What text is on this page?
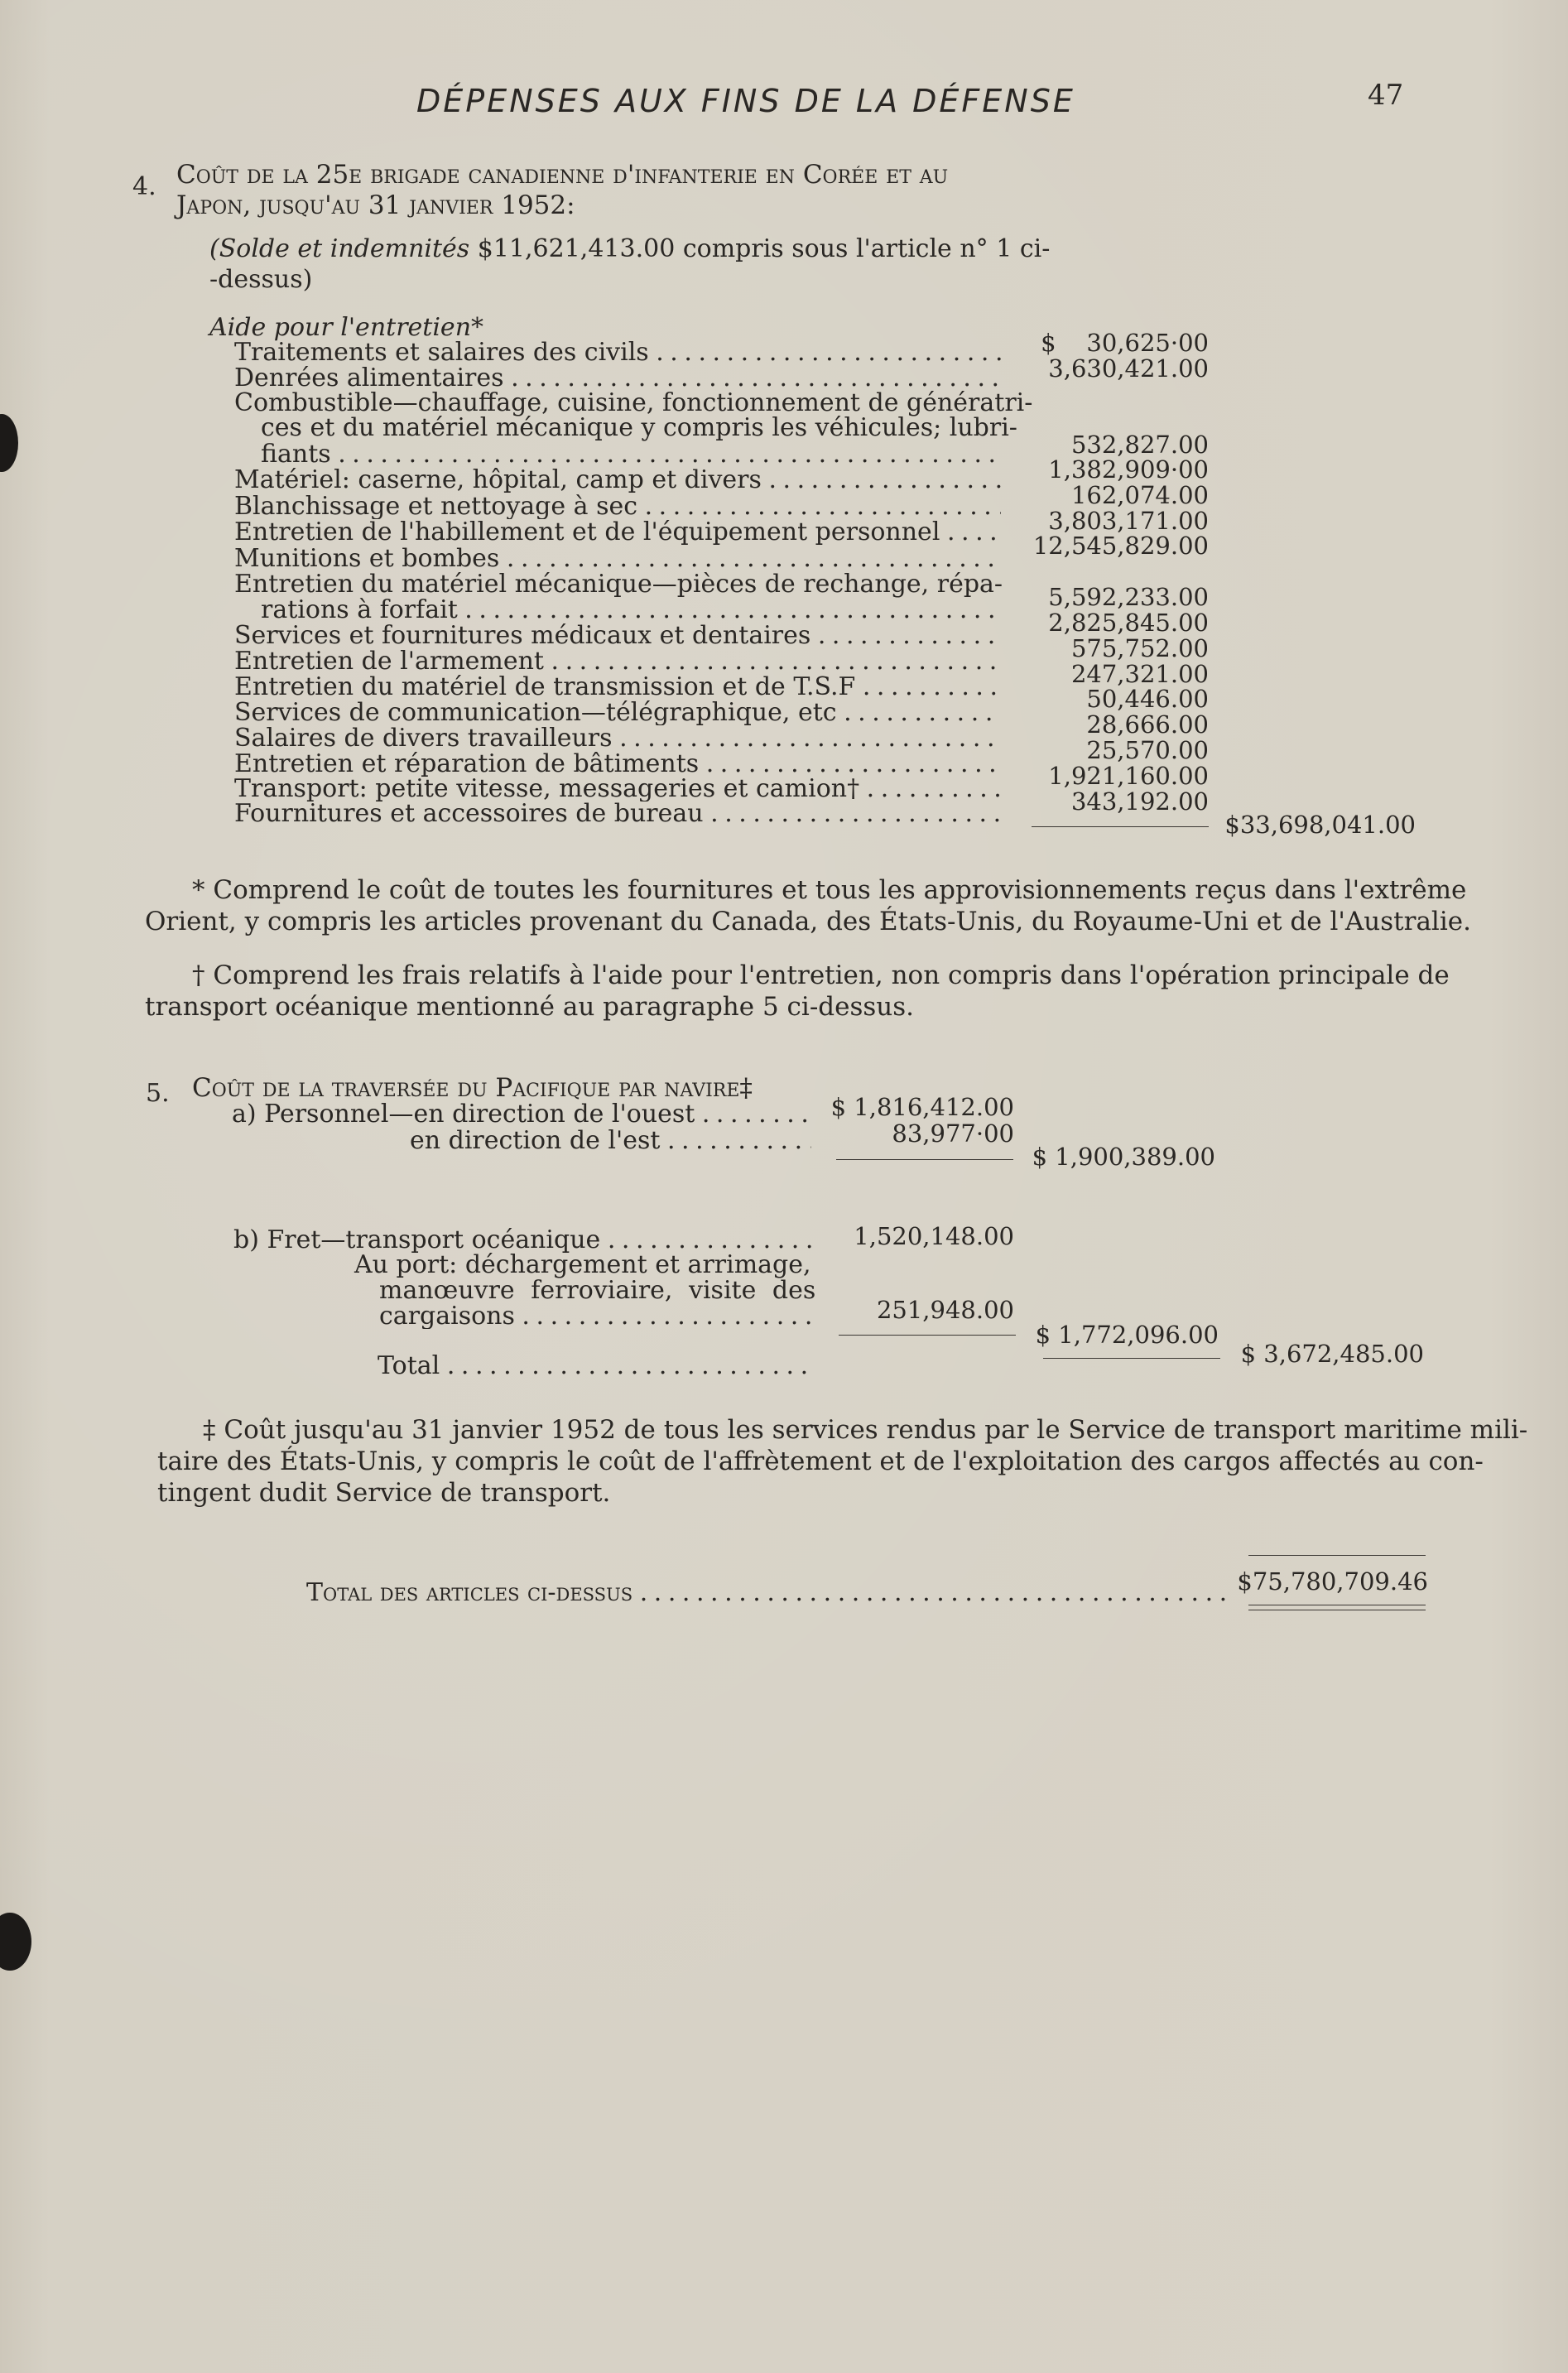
DÉPENSES AUX FINS DE LA DÉFENSE	47
4. Coût de la 25e brigade canadienne d'infanterie en Corée et au
Japon, jusqu'au 31 janvier 1952:
(Solde et indemnités $11,621,413.00 compris sous l'article n° 1 ci-
-dessus)
Aide pour l'entretien*
Traitements et salaires des civils . . .	$    30,625·00
Denrées alimentaires . . .	3,630,421.00
Combustible—chauffage, cuisine, fonctionnement de génératri-
ces et du matériel mécanique y compris les véhicules; lubri-
fiants . . .	532,827.00
Matériel: caserne, hôpital, camp et divers . . .	1,382,909·00
Blanchissage et nettoyage à sec . . .	162,074.00
Entretien de l'habillement et de l'équipement personnel . . .	3,803,171.00
Munitions et bombes . . .	12,545,829.00
Entretien du matériel mécanique—pièces de rechange, répa-
rations à forfait . . .	5,592,233.00
Services et fournitures médicaux et dentaires . . .	2,825,845.00
Entretien de l'armement . . .	575,752.00
Entretien du matériel de transmission et de T.S.F . . .	247,321.00
Services de communication—télégraphique, etc . . .	50,446.00
Salaires de divers travailleurs . . .	28,666.00
Entretien et réparation de bâtiments . . .	25,570.00
Transport: petite vitesse, messageries et camion† . . .	1,921,160.00
Fournitures et accessoires de bureau . . .	343,192.00
$33,698,041.00
* Comprend le coût de toutes les fournitures et tous les approvisionnements reçus dans l'extrême
Orient, y compris les articles provenant du Canada, des États-Unis, du Royaume-Uni et de l'Australie.
† Comprend les frais relatifs à l'aide pour l'entretien, non compris dans l'opération principale de
transport océanique mentionné au paragraphe 5 ci-dessus.
5. Coût de la traversée du Pacifique par navire‡
a) Personnel—en direction de l'ouest . . .	$ 1,816,412.00
en direction de l'est . . .	83,977·00
$ 1,900,389.00
b) Fret—transport océanique . . .	1,520,148.00
Au port: déchargement et arrimage,
manœuvre ferroviaire, visite des
cargaisons . . .	251,948.00
$ 1,772,096.00
Total . . .	$ 3,672,485.00
‡ Coût jusqu'au 31 janvier 1952 de tous les services rendus par le Service de transport maritime mili-
taire des États-Unis, y compris le coût de l'affrètement et de l'exploitation des cargos affectés au con-
tingent dudit Service de transport.
Total des articles ci-dessus . . .	$75,780,709.46
